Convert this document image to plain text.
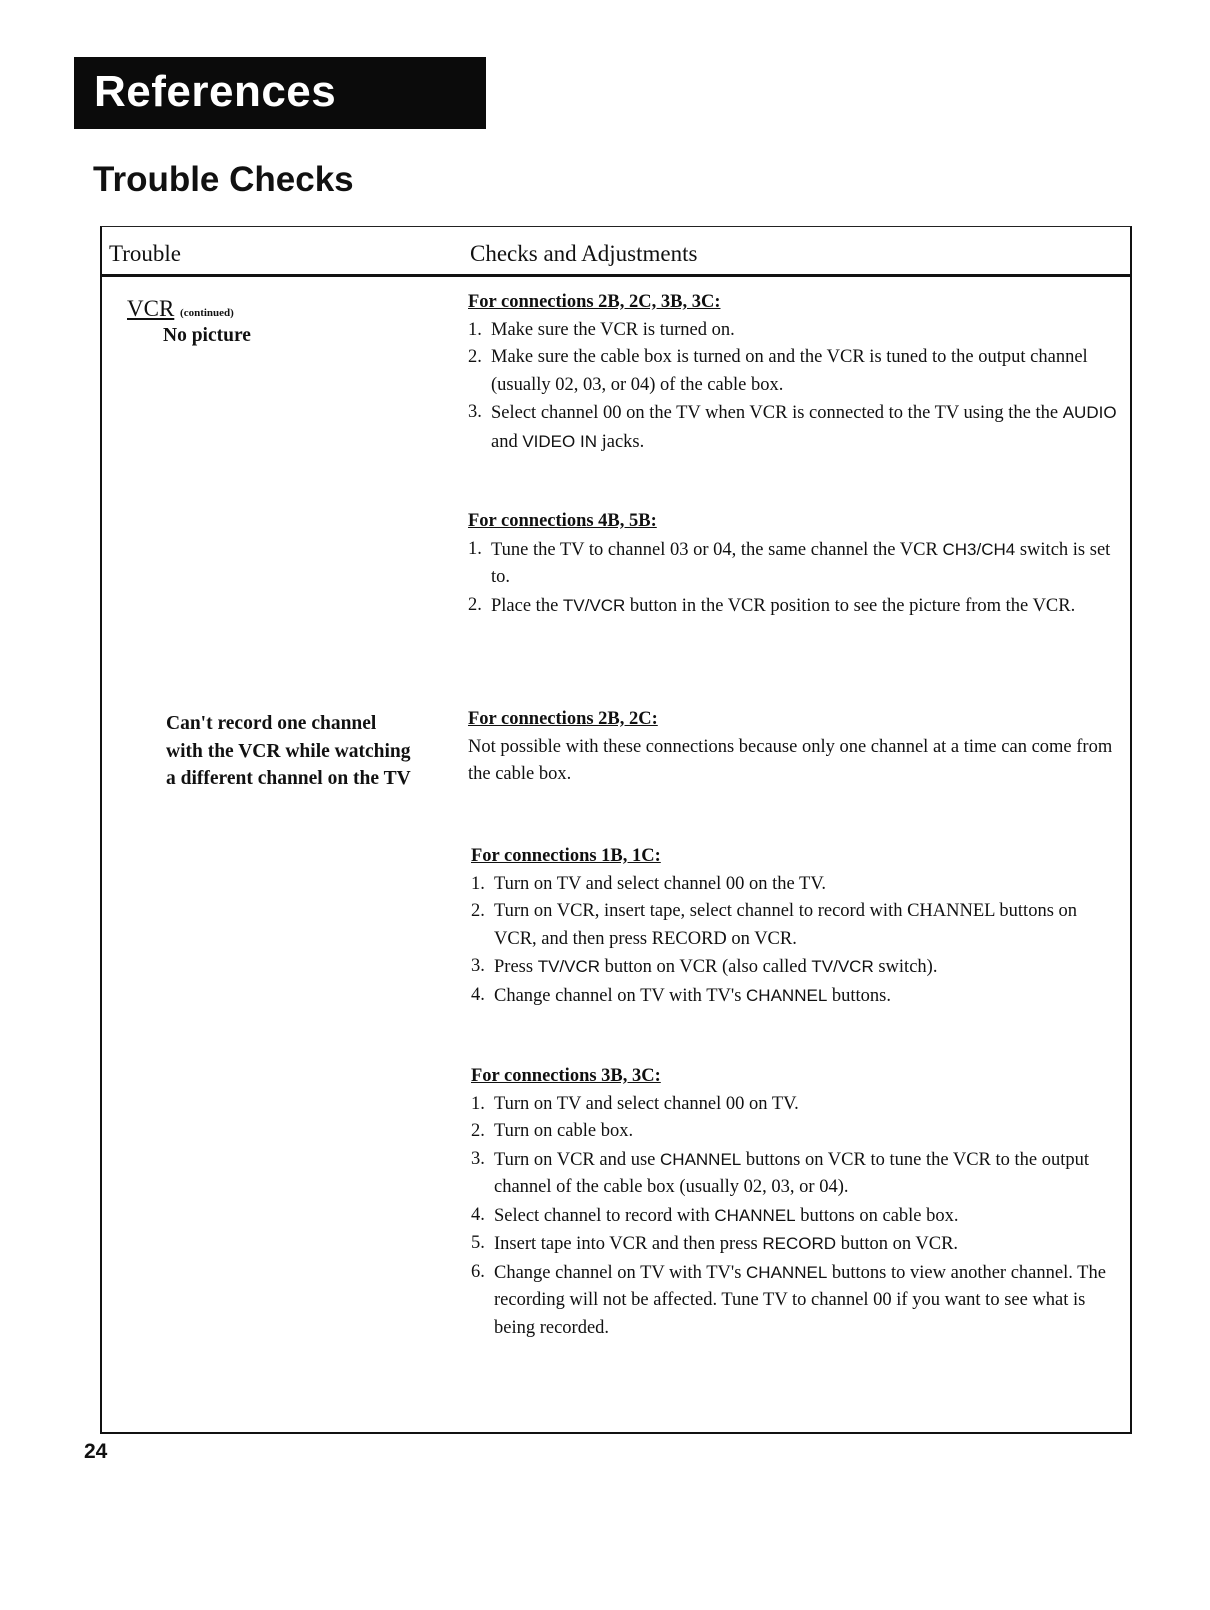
References
Trouble Checks
Trouble	Checks and Adjustments
VCR (continued)
No picture
Can't record one channel with the VCR while watching a different channel on the TV
For connections 2B, 2C, 3B, 3C:
1. Make sure the VCR is turned on.
2. Make sure the cable box is turned on and the VCR is tuned to the output channel (usually 02, 03, or 04) of the cable box.
3. Select channel 00 on the TV when VCR is connected to the TV using the the AUDIO and VIDEO IN jacks.
For connections 4B, 5B:
1. Tune the TV to channel 03 or 04, the same channel the VCR CH3/CH4 switch is set to.
2. Place the TV/VCR button in the VCR position to see the picture from the VCR.
For connections 2B, 2C:

Not possible with these connections because only one channel at a time can come from the cable box.

For connections 1B, 1C:
1. Turn on TV and select channel 00 on the TV.
2. Turn on VCR, insert tape, select channel to record with CHANNEL buttons on VCR, and then press RECORD on VCR.
3. Press TV/VCR button on VCR (also called TV/VCR switch).
4. Change channel on TV with TV's CHANNEL buttons.
For connections 3B, 3C:
1. Turn on TV and select channel 00 on TV.
2. Turn on cable box.
3. Turn on VCR and use CHANNEL buttons on VCR to tune the VCR to the output channel of the cable box (usually 02, 03, or 04).
4. Select channel to record with CHANNEL buttons on cable box.
5. Insert tape into VCR and then press RECORD button on VCR.
6. Change channel on TV with TV's CHANNEL buttons to view another channel. The recording will not be affected. Tune TV to channel 00 if you want to see what is being recorded.
24
